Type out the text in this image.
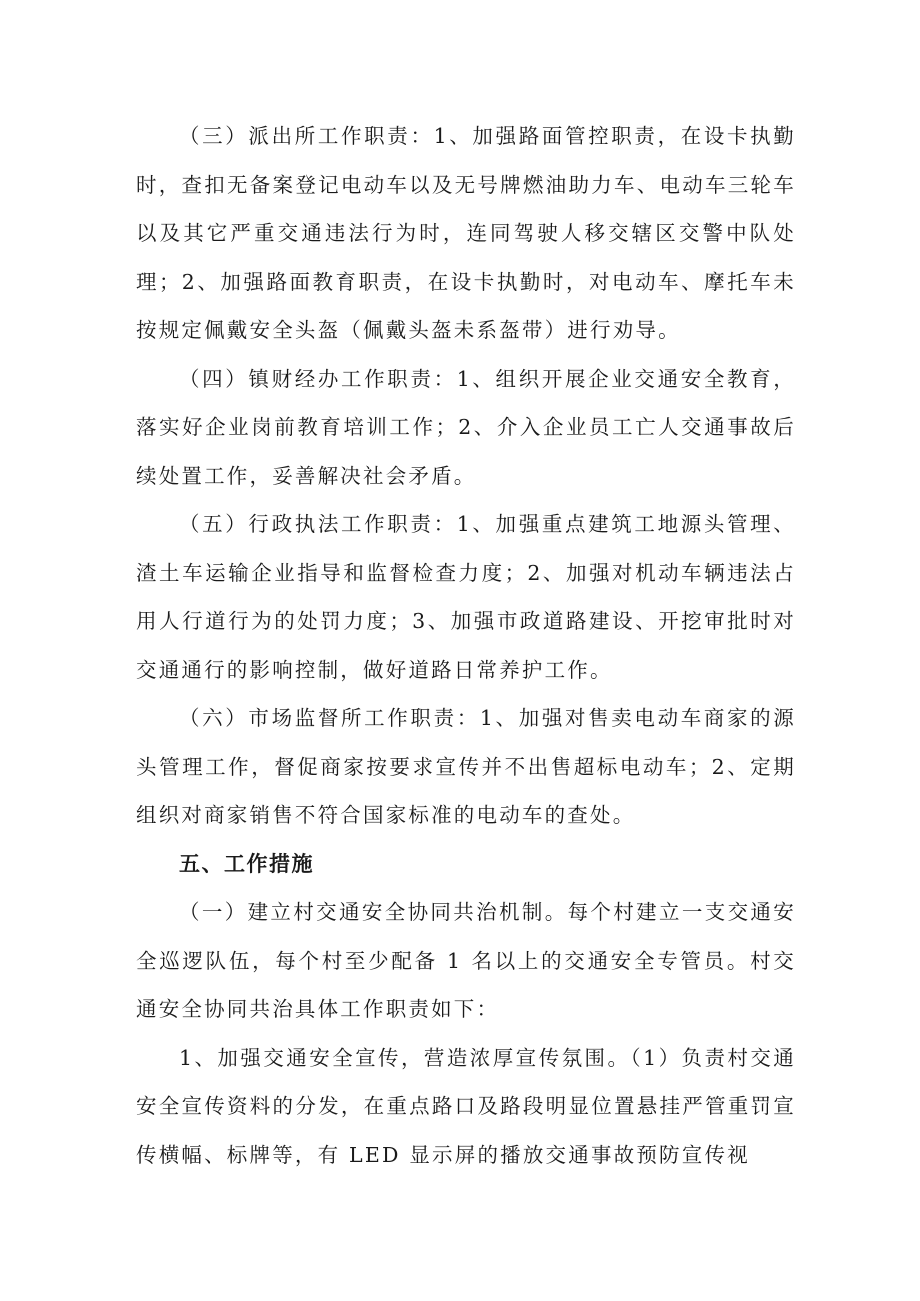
（三）派出所工作职责：1、加强路面管控职责，在设卡执勤时，查扣无备案登记电动车以及无号牌燃油助力车、电动车三轮车以及其它严重交通违法行为时，连同驾驶人移交辖区交警中队处理；2、加强路面教育职责，在设卡执勤时，对电动车、摩托车未按规定佩戴安全头盔（佩戴头盔未系盔带）进行劝导。

（四）镇财经办工作职责：1、组织开展企业交通安全教育，落实好企业岗前教育培训工作；2、介入企业员工亡人交通事故后续处置工作，妥善解决社会矛盾。

（五）行政执法工作职责：1、加强重点建筑工地源头管理、渣土车运输企业指导和监督检查力度；2、加强对机动车辆违法占用人行道行为的处罚力度；3、加强市政道路建设、开挖审批时对交通通行的影响控制，做好道路日常养护工作。

（六）市场监督所工作职责：1、加强对售卖电动车商家的源头管理工作，督促商家按要求宣传并不出售超标电动车；2、定期组织对商家销售不符合国家标准的电动车的查处。

五、工作措施

（一）建立村交通安全协同共治机制。每个村建立一支交通安全巡逻队伍，每个村至少配备 1 名以上的交通安全专管员。村交通安全协同共治具体工作职责如下：

1、加强交通安全宣传，营造浓厚宣传氛围。（1）负责村交通安全宣传资料的分发，在重点路口及路段明显位置悬挂严管重罚宣传横幅、标牌等，有 LED 显示屏的播放交通事故预防宣传视
